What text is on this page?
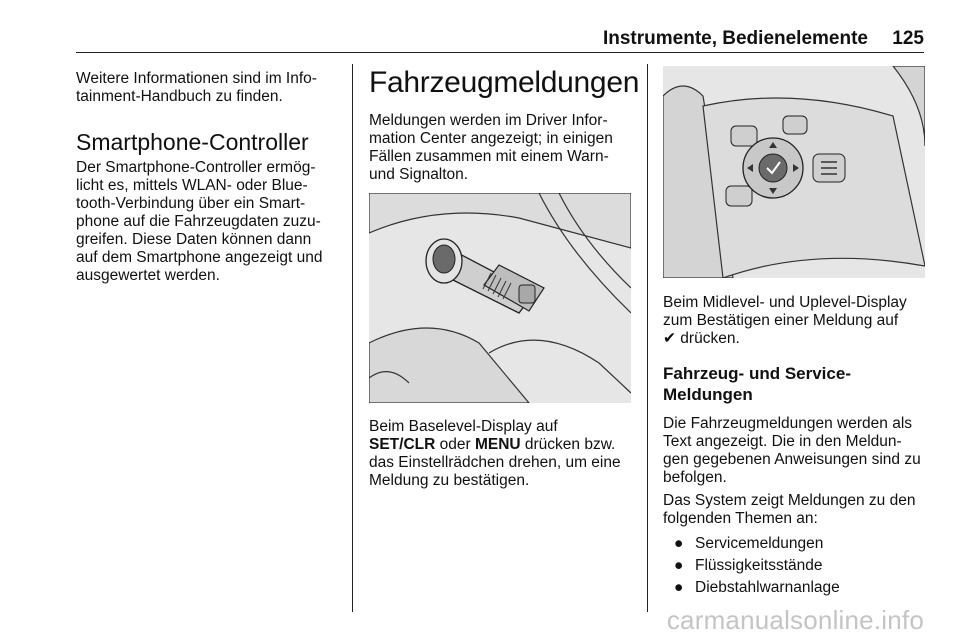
Instrumente, Bedienelemente 125

Weitere Informationen sind im Info-
tainment-Handbuch zu finden.

Smartphone-Controller

Der Smartphone-Controller ermög-
licht es, mittels WLAN- oder Blue-
tooth-Verbindung über ein Smart-
phone auf die Fahrzeugdaten zuzu-
greifen. Diese Daten können dann
auf dem Smartphone angezeigt und
ausgewertet werden.

Fahrzeugmeldungen

Meldungen werden im Driver Infor-
mation Center angezeigt; in einigen
Fällen zusammen mit einem Warn-
und Signalton.

Beim Baselevel-Display auf
SET/CLR oder MENU drücken bzw.
das Einstellrädchen drehen, um eine
Meldung zu bestätigen.

Beim Midlevel- und Uplevel-Display
zum Bestätigen einer Meldung auf
✔ drücken.

Fahrzeug- und Service-
Meldungen

Die Fahrzeugmeldungen werden als
Text angezeigt. Die in den Meldun-
gen gegebenen Anweisungen sind zu
befolgen.

Das System zeigt Meldungen zu den
folgenden Themen an:

● Servicemeldungen
● Flüssigkeitsstände
● Diebstahlwarnanlage
carmanualsonline.info
